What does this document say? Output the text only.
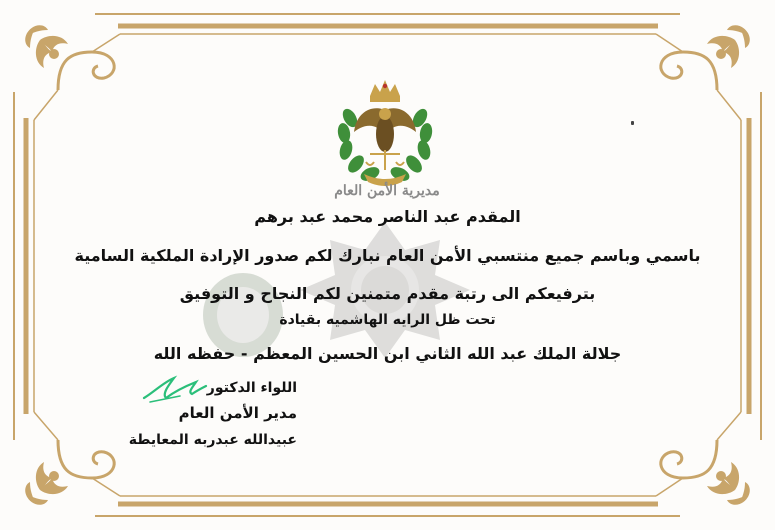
مديرية الأمن العام
المقدم عبد الناصر محمد عبد برهم
باسمي وباسم جميع منتسبي الأمن العام نبارك لكم صدور الإرادة الملكية السامية
بترفيعكم الى رتبة مقدم متمنين لكم النجاح و التوفيق
تحت ظل الرايه الهاشميه بقيادة
جلالة الملك عبد الله الثاني ابن الحسين المعظم - حفظه الله
اللواء الدكتور
مدير الأمن العام
عبيدالله عبدربه المعايطة
